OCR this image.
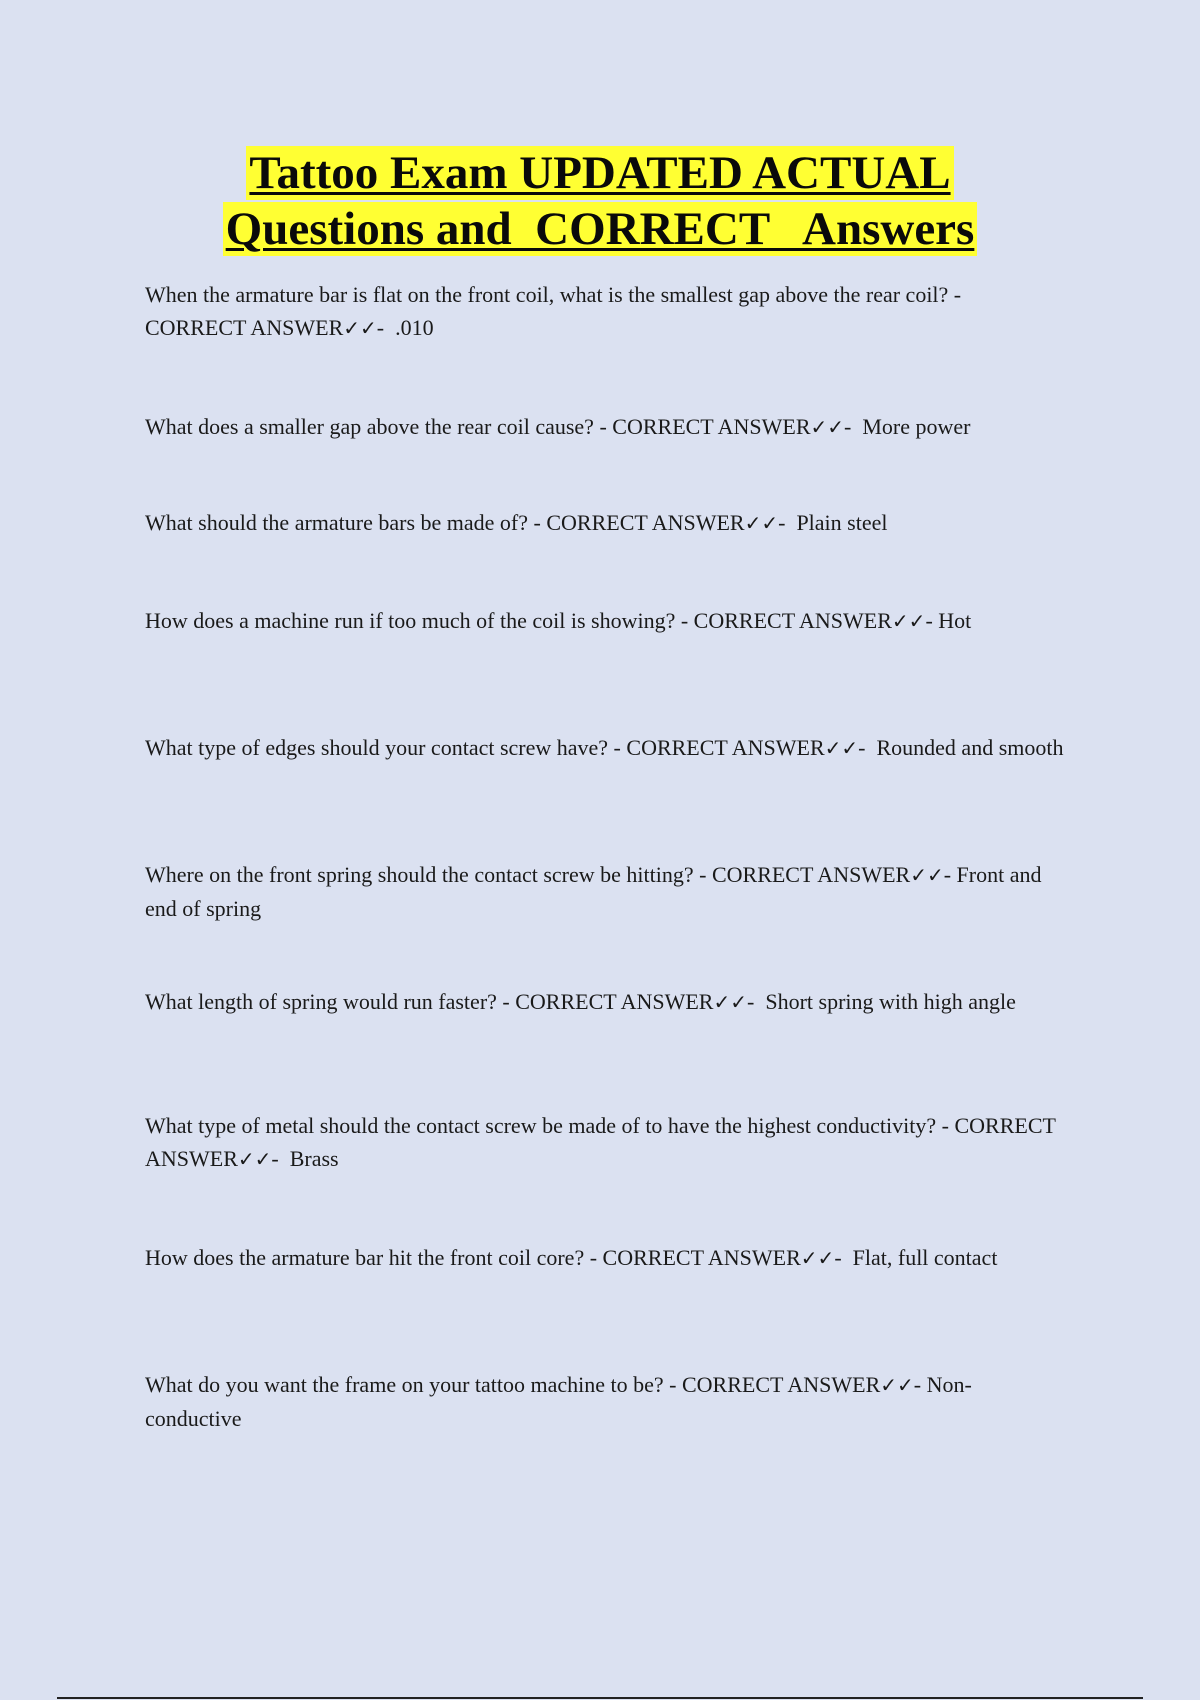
Tattoo Exam UPDATED ACTUAL
Questions and  CORRECT   Answers
When the armature bar is flat on the front coil, what is the smallest gap above the rear coil? - CORRECT ANSWER✓✓-  .010
What does a smaller gap above the rear coil cause? - CORRECT ANSWER✓✓-  More power
What should the armature bars be made of? - CORRECT ANSWER✓✓-  Plain steel
How does a machine run if too much of the coil is showing? - CORRECT ANSWER✓✓- Hot
What type of edges should your contact screw have? - CORRECT ANSWER✓✓-  Rounded and smooth
Where on the front spring should the contact screw be hitting? - CORRECT ANSWER✓✓- Front and end of spring
What length of spring would run faster? - CORRECT ANSWER✓✓-  Short spring with high angle
What type of metal should the contact screw be made of to have the highest conductivity? - CORRECT ANSWER✓✓-  Brass
How does the armature bar hit the front coil core? - CORRECT ANSWER✓✓-  Flat, full contact
What do you want the frame on your tattoo machine to be? - CORRECT ANSWER✓✓- Non-conductive
